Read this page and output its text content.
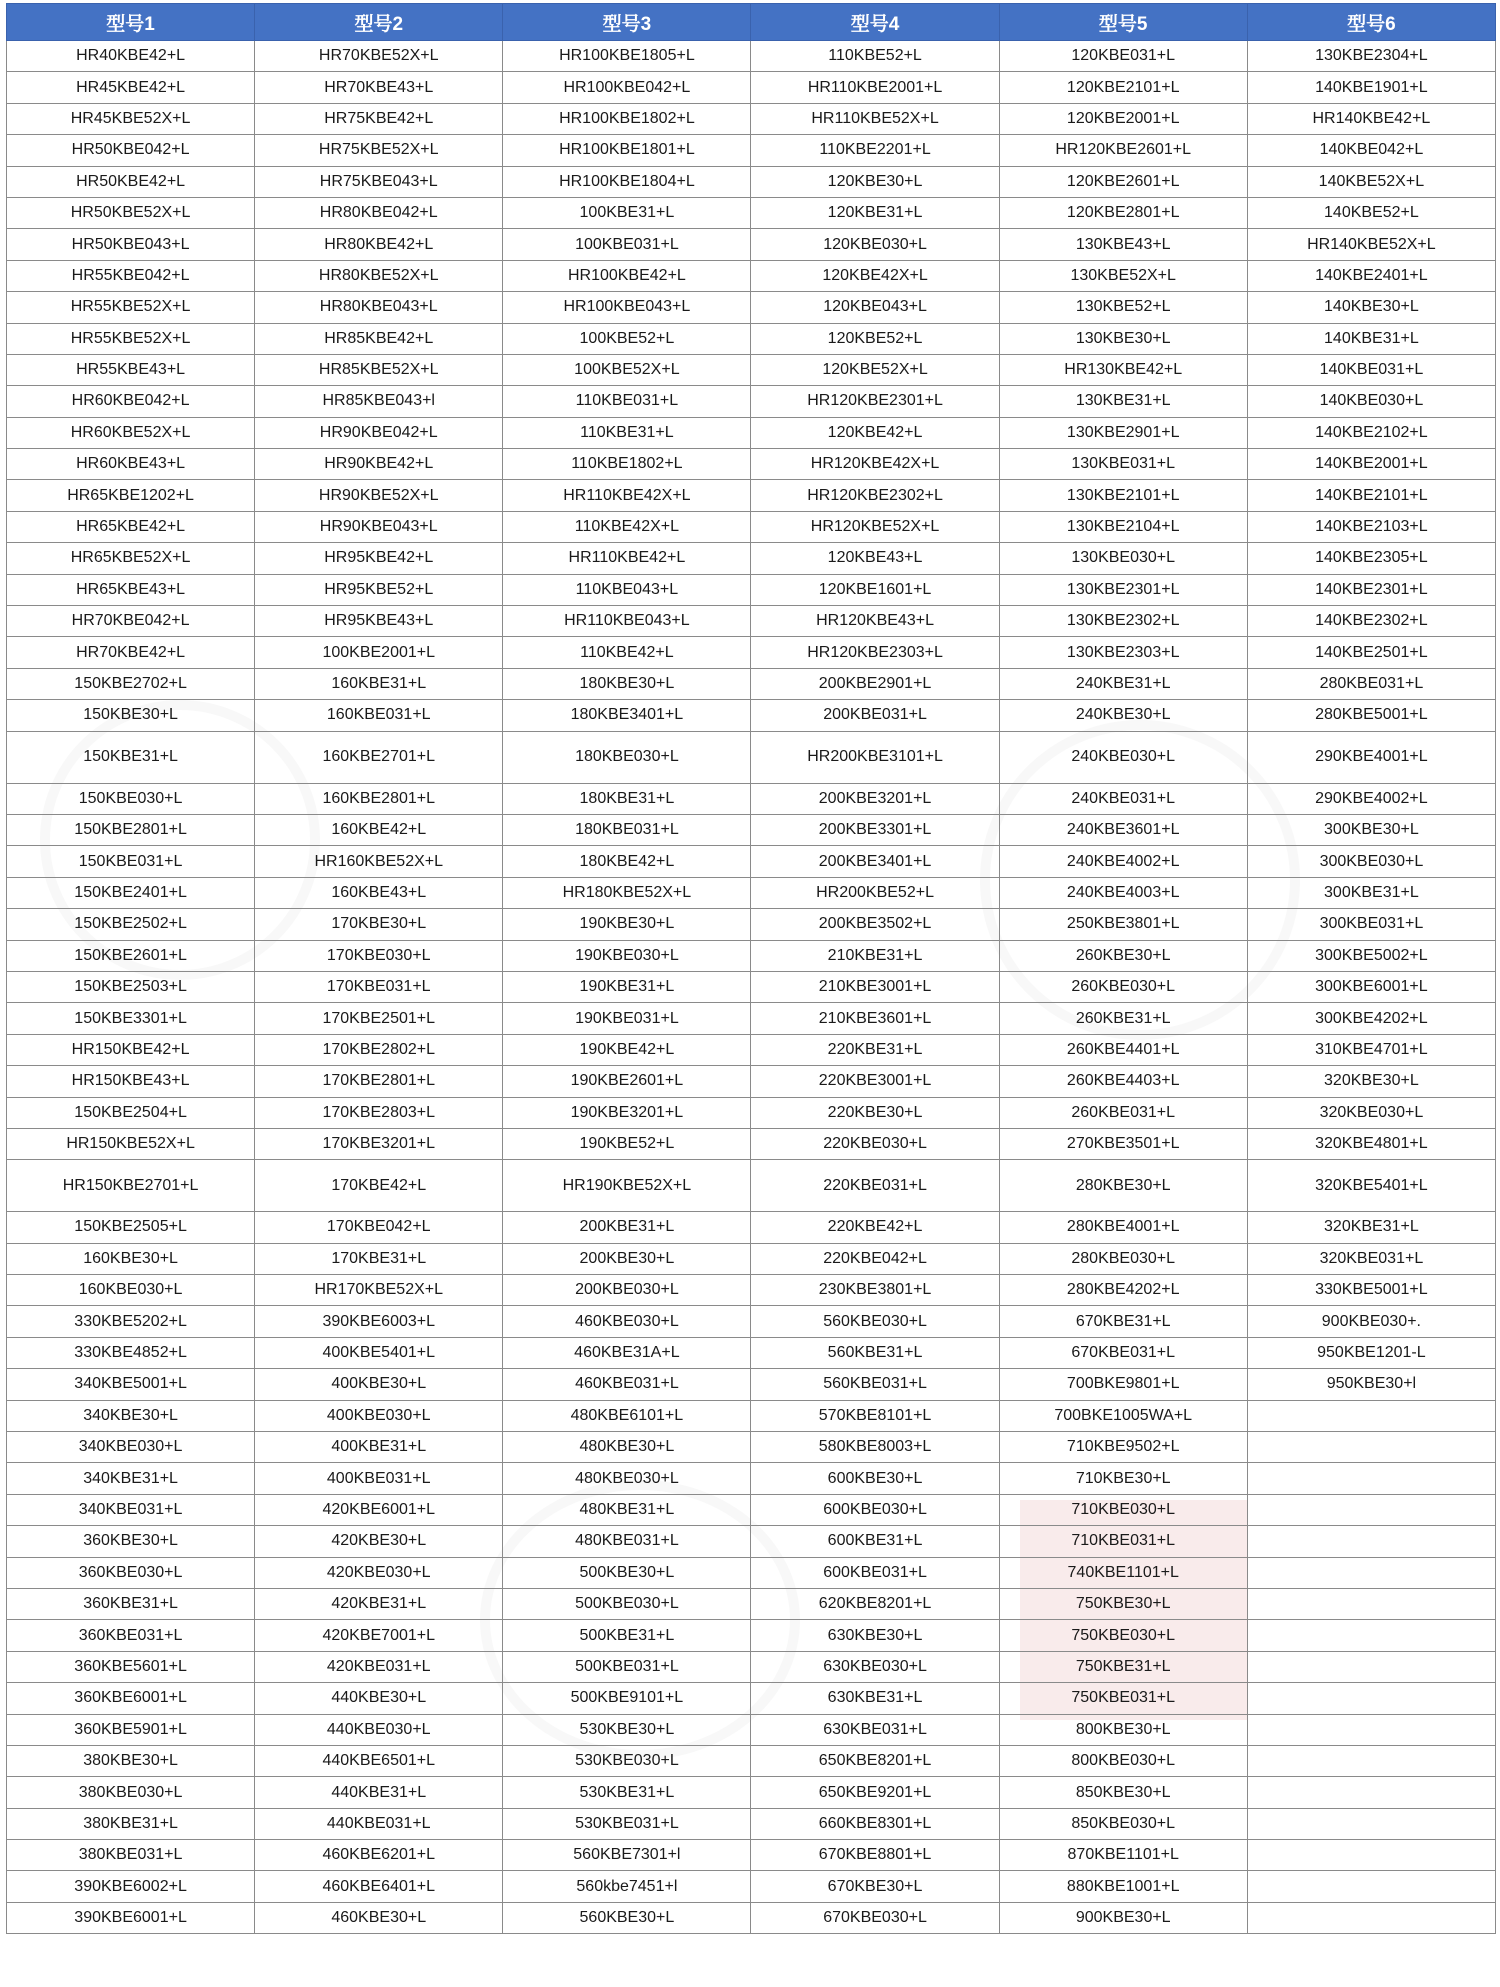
型号1	型号2	型号3	型号4	型号5	型号6
HR40KBE42+L	HR70KBE52X+L	HR100KBE1805+L	110KBE52+L	120KBE031+L	130KBE2304+L
HR45KBE42+L	HR70KBE43+L	HR100KBE042+L	HR110KBE2001+L	120KBE2101+L	140KBE1901+L
HR45KBE52X+L	HR75KBE42+L	HR100KBE1802+L	HR110KBE52X+L	120KBE2001+L	HR140KBE42+L
HR50KBE042+L	HR75KBE52X+L	HR100KBE1801+L	110KBE2201+L	HR120KBE2601+L	140KBE042+L
HR50KBE42+L	HR75KBE043+L	HR100KBE1804+L	120KBE30+L	120KBE2601+L	140KBE52X+L
HR50KBE52X+L	HR80KBE042+L	100KBE31+L	120KBE31+L	120KBE2801+L	140KBE52+L
HR50KBE043+L	HR80KBE42+L	100KBE031+L	120KBE030+L	130KBE43+L	HR140KBE52X+L
HR55KBE042+L	HR80KBE52X+L	HR100KBE42+L	120KBE42X+L	130KBE52X+L	140KBE2401+L
HR55KBE52X+L	HR80KBE043+L	HR100KBE043+L	120KBE043+L	130KBE52+L	140KBE30+L
HR55KBE52X+L	HR85KBE42+L	100KBE52+L	120KBE52+L	130KBE30+L	140KBE31+L
HR55KBE43+L	HR85KBE52X+L	100KBE52X+L	120KBE52X+L	HR130KBE42+L	140KBE031+L
HR60KBE042+L	HR85KBE043+l	110KBE031+L	HR120KBE2301+L	130KBE31+L	140KBE030+L
HR60KBE52X+L	HR90KBE042+L	110KBE31+L	120KBE42+L	130KBE2901+L	140KBE2102+L
HR60KBE43+L	HR90KBE42+L	110KBE1802+L	HR120KBE42X+L	130KBE031+L	140KBE2001+L
HR65KBE1202+L	HR90KBE52X+L	HR110KBE42X+L	HR120KBE2302+L	130KBE2101+L	140KBE2101+L
HR65KBE42+L	HR90KBE043+L	110KBE42X+L	HR120KBE52X+L	130KBE2104+L	140KBE2103+L
HR65KBE52X+L	HR95KBE42+L	HR110KBE42+L	120KBE43+L	130KBE030+L	140KBE2305+L
HR65KBE43+L	HR95KBE52+L	110KBE043+L	120KBE1601+L	130KBE2301+L	140KBE2301+L
HR70KBE042+L	HR95KBE43+L	HR110KBE043+L	HR120KBE43+L	130KBE2302+L	140KBE2302+L
HR70KBE42+L	100KBE2001+L	110KBE42+L	HR120KBE2303+L	130KBE2303+L	140KBE2501+L
150KBE2702+L	160KBE31+L	180KBE30+L	200KBE2901+L	240KBE31+L	280KBE031+L
150KBE30+L	160KBE031+L	180KBE3401+L	200KBE031+L	240KBE30+L	280KBE5001+L
150KBE31+L	160KBE2701+L	180KBE030+L	HR200KBE3101+L	240KBE030+L	290KBE4001+L
150KBE030+L	160KBE2801+L	180KBE31+L	200KBE3201+L	240KBE031+L	290KBE4002+L
150KBE2801+L	160KBE42+L	180KBE031+L	200KBE3301+L	240KBE3601+L	300KBE30+L
150KBE031+L	HR160KBE52X+L	180KBE42+L	200KBE3401+L	240KBE4002+L	300KBE030+L
150KBE2401+L	160KBE43+L	HR180KBE52X+L	HR200KBE52+L	240KBE4003+L	300KBE31+L
150KBE2502+L	170KBE30+L	190KBE30+L	200KBE3502+L	250KBE3801+L	300KBE031+L
150KBE2601+L	170KBE030+L	190KBE030+L	210KBE31+L	260KBE30+L	300KBE5002+L
150KBE2503+L	170KBE031+L	190KBE31+L	210KBE3001+L	260KBE030+L	300KBE6001+L
150KBE3301+L	170KBE2501+L	190KBE031+L	210KBE3601+L	260KBE31+L	300KBE4202+L
HR150KBE42+L	170KBE2802+L	190KBE42+L	220KBE31+L	260KBE4401+L	310KBE4701+L
HR150KBE43+L	170KBE2801+L	190KBE2601+L	220KBE3001+L	260KBE4403+L	320KBE30+L
150KBE2504+L	170KBE2803+L	190KBE3201+L	220KBE30+L	260KBE031+L	320KBE030+L
HR150KBE52X+L	170KBE3201+L	190KBE52+L	220KBE030+L	270KBE3501+L	320KBE4801+L
HR150KBE2701+L	170KBE42+L	HR190KBE52X+L	220KBE031+L	280KBE30+L	320KBE5401+L
150KBE2505+L	170KBE042+L	200KBE31+L	220KBE42+L	280KBE4001+L	320KBE31+L
160KBE30+L	170KBE31+L	200KBE30+L	220KBE042+L	280KBE030+L	320KBE031+L
160KBE030+L	HR170KBE52X+L	200KBE030+L	230KBE3801+L	280KBE4202+L	330KBE5001+L
330KBE5202+L	390KBE6003+L	460KBE030+L	560KBE030+L	670KBE31+L	900KBE030+.
330KBE4852+L	400KBE5401+L	460KBE31A+L	560KBE31+L	670KBE031+L	950KBE1201-L
340KBE5001+L	400KBE30+L	460KBE031+L	560KBE031+L	700BKE9801+L	950KBE30+l
340KBE30+L	400KBE030+L	480KBE6101+L	570KBE8101+L	700BKE1005WA+L	
340KBE030+L	400KBE31+L	480KBE30+L	580KBE8003+L	710KBE9502+L	
340KBE31+L	400KBE031+L	480KBE030+L	600KBE30+L	710KBE30+L	
340KBE031+L	420KBE6001+L	480KBE31+L	600KBE030+L	710KBE030+L	
360KBE30+L	420KBE30+L	480KBE031+L	600KBE31+L	710KBE031+L	
360KBE030+L	420KBE030+L	500KBE30+L	600KBE031+L	740KBE1101+L	
360KBE31+L	420KBE31+L	500KBE030+L	620KBE8201+L	750KBE30+L	
360KBE031+L	420KBE7001+L	500KBE31+L	630KBE30+L	750KBE030+L	
360KBE5601+L	420KBE031+L	500KBE031+L	630KBE030+L	750KBE31+L	
360KBE6001+L	440KBE30+L	500KBE9101+L	630KBE31+L	750KBE031+L	
360KBE5901+L	440KBE030+L	530KBE30+L	630KBE031+L	800KBE30+L	
380KBE30+L	440KBE6501+L	530KBE030+L	650KBE8201+L	800KBE030+L	
380KBE030+L	440KBE31+L	530KBE31+L	650KBE9201+L	850KBE30+L	
380KBE31+L	440KBE031+L	530KBE031+L	660KBE8301+L	850KBE030+L	
380KBE031+L	460KBE6201+L	560KBE7301+l	670KBE8801+L	870KBE1101+L	
390KBE6002+L	460KBE6401+L	560kbe7451+l	670KBE30+L	880KBE1001+L	
390KBE6001+L	460KBE30+L	560KBE30+L	670KBE030+L	900KBE30+L	
